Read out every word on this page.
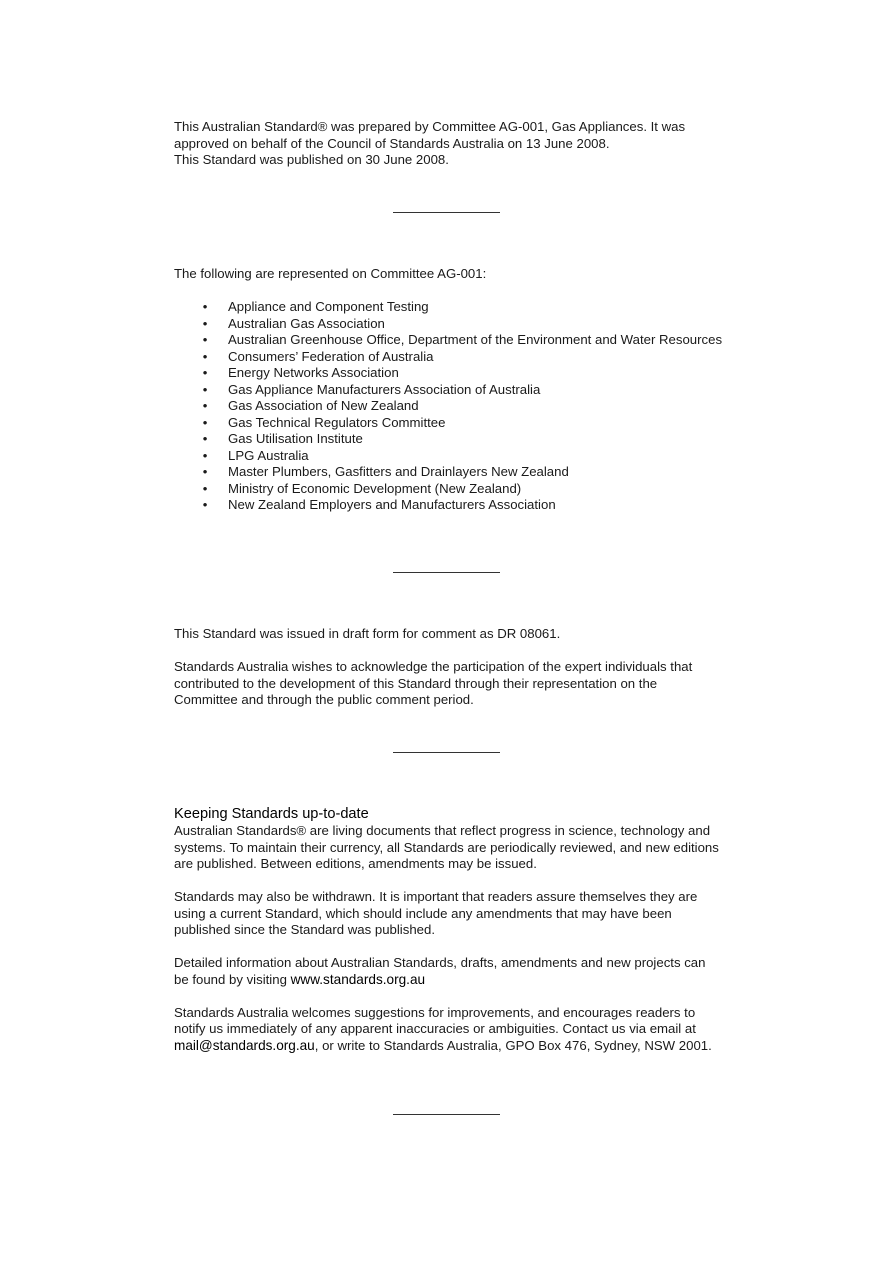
This Australian Standard® was prepared by Committee AG-001, Gas Appliances. It was
approved on behalf of the Council of Standards Australia on 13 June 2008.
This Standard was published on 30 June 2008.

The following are represented on Committee AG-001:

• Appliance and Component Testing
• Australian Gas Association
• Australian Greenhouse Office, Department of the Environment and Water Resources
• Consumers’ Federation of Australia
• Energy Networks Association
• Gas Appliance Manufacturers Association of Australia
• Gas Association of New Zealand
• Gas Technical Regulators Committee
• Gas Utilisation Institute
• LPG Australia
• Master Plumbers, Gasfitters and Drainlayers New Zealand
• Ministry of Economic Development (New Zealand)
• New Zealand Employers and Manufacturers Association

This Standard was issued in draft form for comment as DR 08061.

Standards Australia wishes to acknowledge the participation of the expert individuals that
contributed to the development of this Standard through their representation on the
Committee and through the public comment period.

Keeping Standards up-to-date

Australian Standards® are living documents that reflect progress in science, technology and
systems. To maintain their currency, all Standards are periodically reviewed, and new editions
are published. Between editions, amendments may be issued.
Standards may also be withdrawn. It is important that readers assure themselves they are
using a current Standard, which should include any amendments that may have been
published since the Standard was published.
Detailed information about Australian Standards, drafts, amendments and new projects can
be found by visiting www.standards.org.au
Standards Australia welcomes suggestions for improvements, and encourages readers to
notify us immediately of any apparent inaccuracies or ambiguities. Contact us via email at
mail@standards.org.au, or write to Standards Australia, GPO Box 476, Sydney, NSW 2001.
